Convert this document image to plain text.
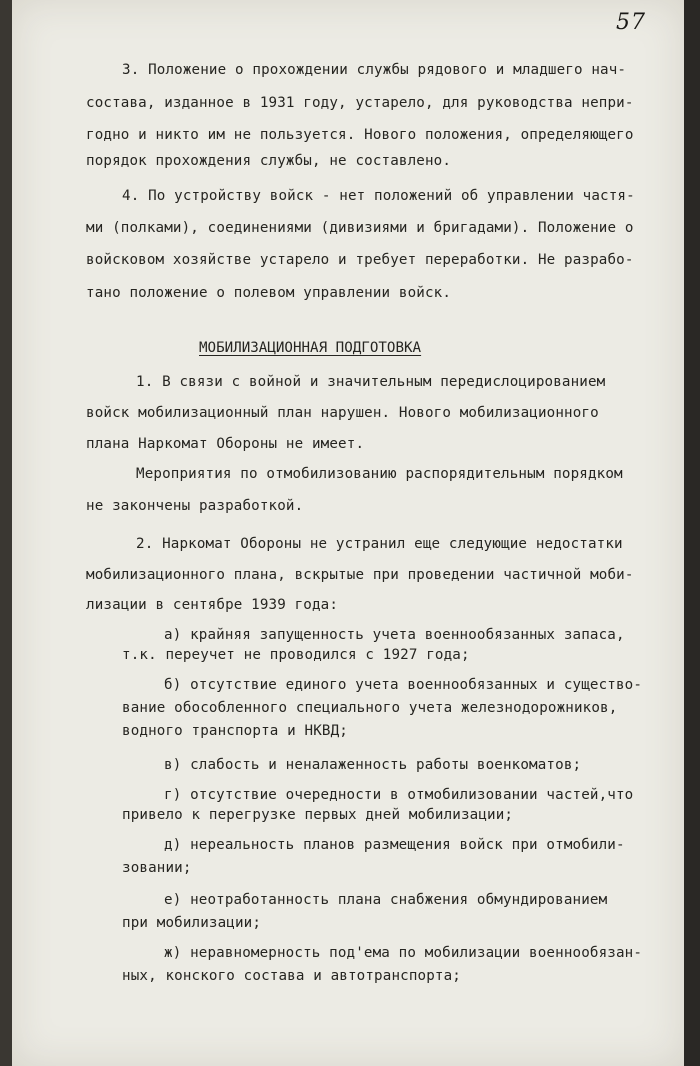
57
3. Положение о прохождении службы рядового и младшего нач-
состава, изданное в 1931 году, устарело, для руководства непри-
годно и никто им не пользуется. Нового положения, определяющего
порядок прохождения службы, не составлено.
4. По устройству войск - нет положений об управлении частя-
ми (полками), соединениями (дивизиями и бригадами). Положение о
войсковом хозяйстве устарело и требует переработки. Не разрабо-
тано положение о полевом управлении войск.
МОБИЛИЗАЦИОННАЯ ПОДГОТОВКА
1. В связи с войной и значительным передислоцированием
войск мобилизационный план нарушен. Нового мобилизационного
плана Наркомат Обороны не имеет.
Мероприятия по отмобилизованию распорядительным порядком
не закончены разработкой.
2. Наркомат Обороны не устранил еще следующие недостатки
мобилизационного плана, вскрытые при проведении частичной моби-
лизации в сентябре 1939 года:
а) крайняя запущенность учета военнообязанных запаса,
т.к. переучет не проводился с 1927 года;
б) отсутствие единого учета военнообязанных и существо-
вание обособленного специального учета железнодорожников,
водного транспорта и НКВД;
в) слабость и неналаженность работы военкоматов;
г) отсутствие очередности в отмобилизовании частей,что
привело к перегрузке первых дней мобилизации;
д) нереальность планов размещения войск при отмобили-
зовании;
е) неотработанность плана снабжения обмундированием
при мобилизации;
ж) неравномерность под'ема по мобилизации военнообязан-
ных, конского состава и автотранспорта;
